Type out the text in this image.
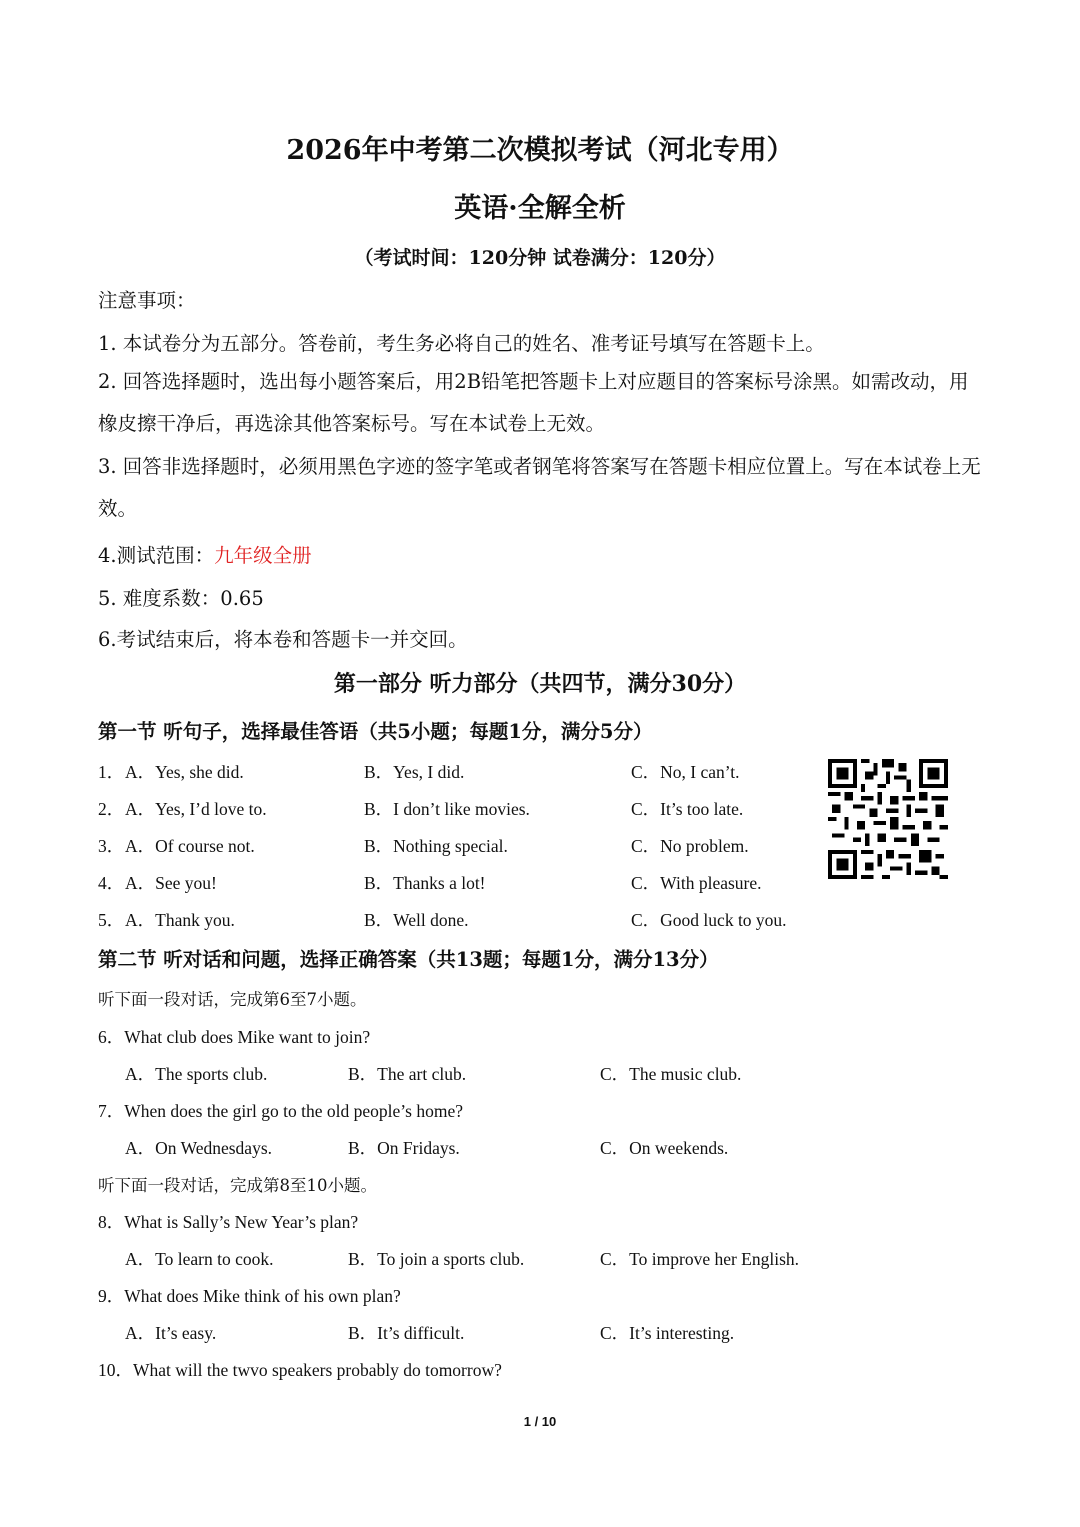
2026年中考第二次模拟考试（河北专用）
英语·全解全析
（考试时间：120分钟 试卷满分：120分）
注意事项：
1. 本试卷分为五部分。答卷前，考生务必将自己的姓名、准考证号填写在答题卡上。
2. 回答选择题时，选出每小题答案后，用2B铅笔把答题卡上对应题目的答案标号涂黑。如需改动，用橡皮擦干净后，再选涂其他答案标号。写在本试卷上无效。
3. 回答非选择题时，必须用黑色字迹的签字笔或者钢笔将答案写在答题卡相应位置上。写在本试卷上无效。
4.测试范围：九年级全册
5. 难度系数：0.65
6.考试结束后，将本卷和答题卡一并交回。
第一部分 听力部分（共四节，满分30分）
第一节 听句子，选择最佳答语（共5小题；每题1分，满分5分）
1． A．Yes, she did.	B．Yes, I did.	C．No, I can’t.
2． A．Yes, I’d love to.	B．I don’t like movies.	C．It’s too late.
3． A．Of course not.	B．Nothing special.	C．No problem.
4． A．See you!	B．Thanks a lot!	C．With pleasure.
5． A．Thank you.	B．Well done.	C．Good luck to you.
第二节 听对话和问题，选择正确答案（共13题；每题1分，满分13分）
听下面一段对话，完成第6至7小题。
6．What club does Mike want to join?
A．The sports club.	B．The art club.	C．The music club.
7．When does the girl go to the old people’s home?
A．On Wednesdays.	B．On Fridays.	C．On weekends.
听下面一段对话，完成第8至10小题。
8．What is Sally’s New Year’s plan?
A．To learn to cook.	B．To join a sports club.	C．To improve her English.
9．What does Mike think of his own plan?
A．It’s easy.	B．It’s difficult.	C．It’s interesting.
10．What will the twvo speakers probably do tomorrow?
1 / 10
